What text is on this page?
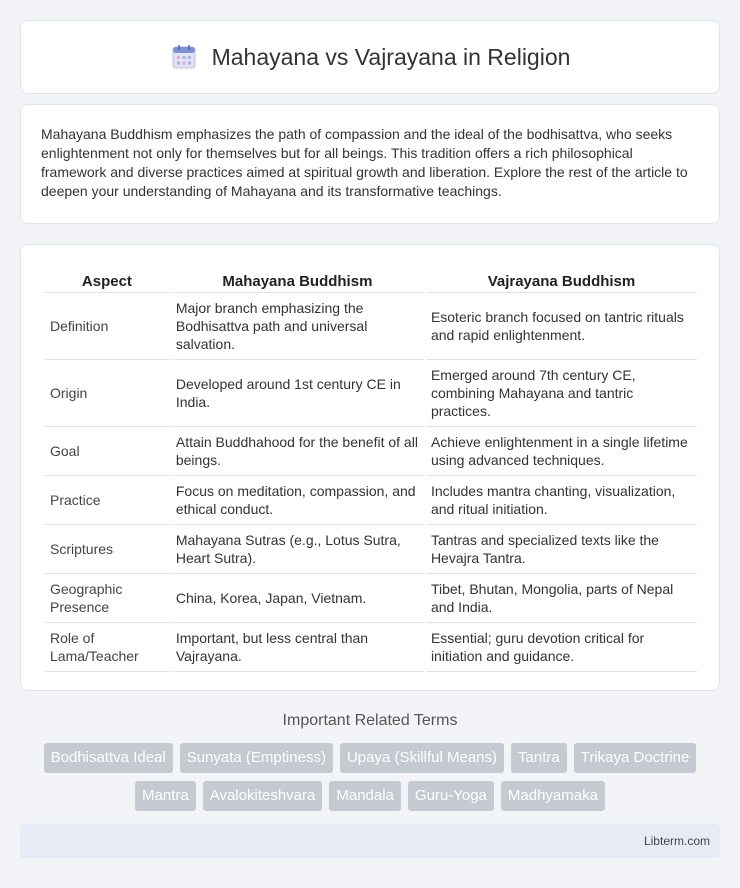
Mahayana vs Vajrayana in Religion

Mahayana Buddhism emphasizes the path of compassion and the ideal of the bodhisattva, who seeks enlightenment not only for themselves but for all beings. This tradition offers a rich philosophical framework and diverse practices aimed at spiritual growth and liberation. Explore the rest of the article to deepen your understanding of Mahayana and its transformative teachings.

Aspect	Mahayana Buddhism	Vajrayana Buddhism
Definition	Major branch emphasizing the Bodhisattva path and universal salvation.	Esoteric branch focused on tantric rituals and rapid enlightenment.
Origin	Developed around 1st century CE in India.	Emerged around 7th century CE, combining Mahayana and tantric practices.
Goal	Attain Buddhahood for the benefit of all beings.	Achieve enlightenment in a single lifetime using advanced techniques.
Practice	Focus on meditation, compassion, and ethical conduct.	Includes mantra chanting, visualization, and ritual initiation.
Scriptures	Mahayana Sutras (e.g., Lotus Sutra, Heart Sutra).	Tantras and specialized texts like the Hevajra Tantra.
Geographic Presence	China, Korea, Japan, Vietnam.	Tibet, Bhutan, Mongolia, parts of Nepal and India.
Role of Lama/Teacher	Important, but less central than Vajrayana.	Essential; guru devotion critical for initiation and guidance.
Important Related Terms
Bodhisattva Ideal	Sunyata (Emptiness)	Upaya (Skillful Means)	Tantra	Trikaya Doctrine
Mantra	Avalokiteshvara	Mandala	Guru-Yoga	Madhyamaka
Libterm.com
